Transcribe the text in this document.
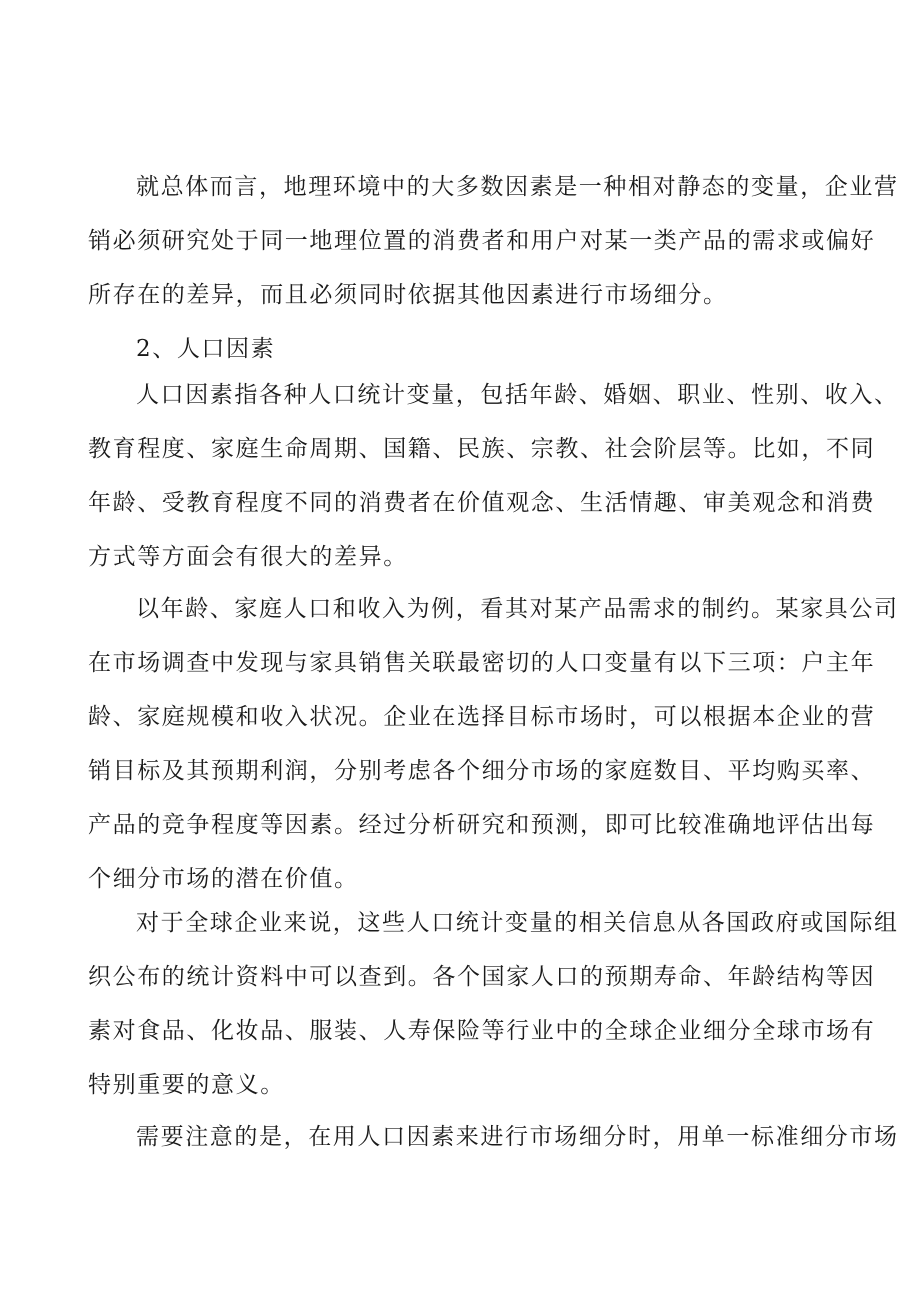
就总体而言，地理环境中的大多数因素是一种相对静态的变量，企业营
销必须研究处于同一地理位置的消费者和用户对某一类产品的需求或偏好
所存在的差异，而且必须同时依据其他因素进行市场细分。
2、人口因素
人口因素指各种人口统计变量，包括年龄、婚姻、职业、性别、收入、
教育程度、家庭生命周期、国籍、民族、宗教、社会阶层等。比如，不同
年龄、受教育程度不同的消费者在价值观念、生活情趣、审美观念和消费
方式等方面会有很大的差异。
以年龄、家庭人口和收入为例，看其对某产品需求的制约。某家具公司
在市场调查中发现与家具销售关联最密切的人口变量有以下三项：户主年
龄、家庭规模和收入状况。企业在选择目标市场时，可以根据本企业的营
销目标及其预期利润，分别考虑各个细分市场的家庭数目、平均购买率、
产品的竞争程度等因素。经过分析研究和预测，即可比较准确地评估出每
个细分市场的潜在价值。
对于全球企业来说，这些人口统计变量的相关信息从各国政府或国际组
织公布的统计资料中可以查到。各个国家人口的预期寿命、年龄结构等因
素对食品、化妆品、服装、人寿保险等行业中的全球企业细分全球市场有
特别重要的意义。
需要注意的是，在用人口因素来进行市场细分时，用单一标准细分市场
